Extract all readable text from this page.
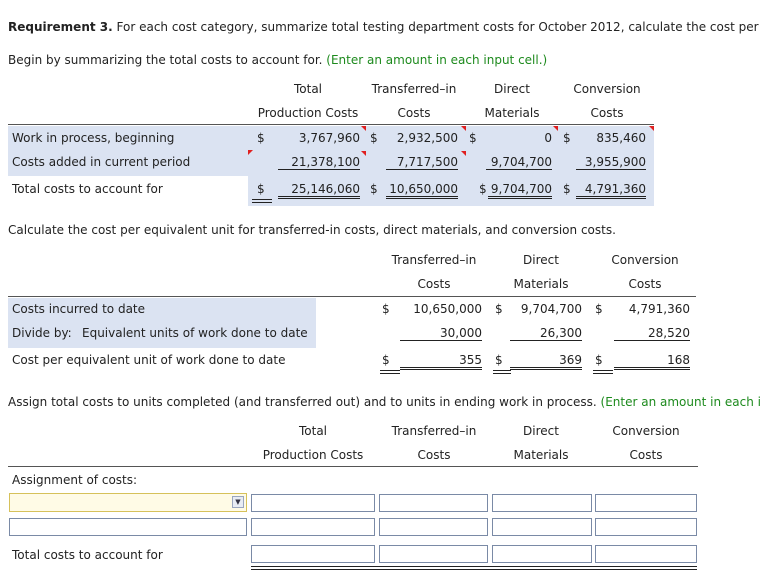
Requirement 3. For each cost category, summarize total testing department costs for October 2012, calculate the cost per
Begin by summarizing the total costs to account for. (Enter an amount in each input cell.)
Total
Production Costs
Transferred–in
Costs
Direct
Materials
Conversion
Costs
Work in process, beginning	$	3,767,960 $	2,932,500 $	0 $	835,460
Costs added in current period	21,378,100	7,717,500	9,704,700	3,955,900
Total costs to account for	$	25,146,060 $ 10,650,000 $ 9,704,700 $	4,791,360
Calculate the cost per equivalent unit for transferred-in costs, direct materials, and conversion costs.
Transferred–in
Costs
Direct
Materials
Conversion
Costs
Costs incurred to date	$	10,650,000 $	9,704,700 $	4,791,360
Divide by: Equivalent units of work done to date	30,000	26,300	28,520
Cost per equivalent unit of work done to date	$	355 $	369 $	168
Assign total costs to units completed (and transferred out) and to units in ending work in process. (Enter an amount in each i
Total
Production Costs
Transferred–in
Costs
Direct
Materials
Conversion
Costs
Assignment of costs:
▼
Total costs to account for
